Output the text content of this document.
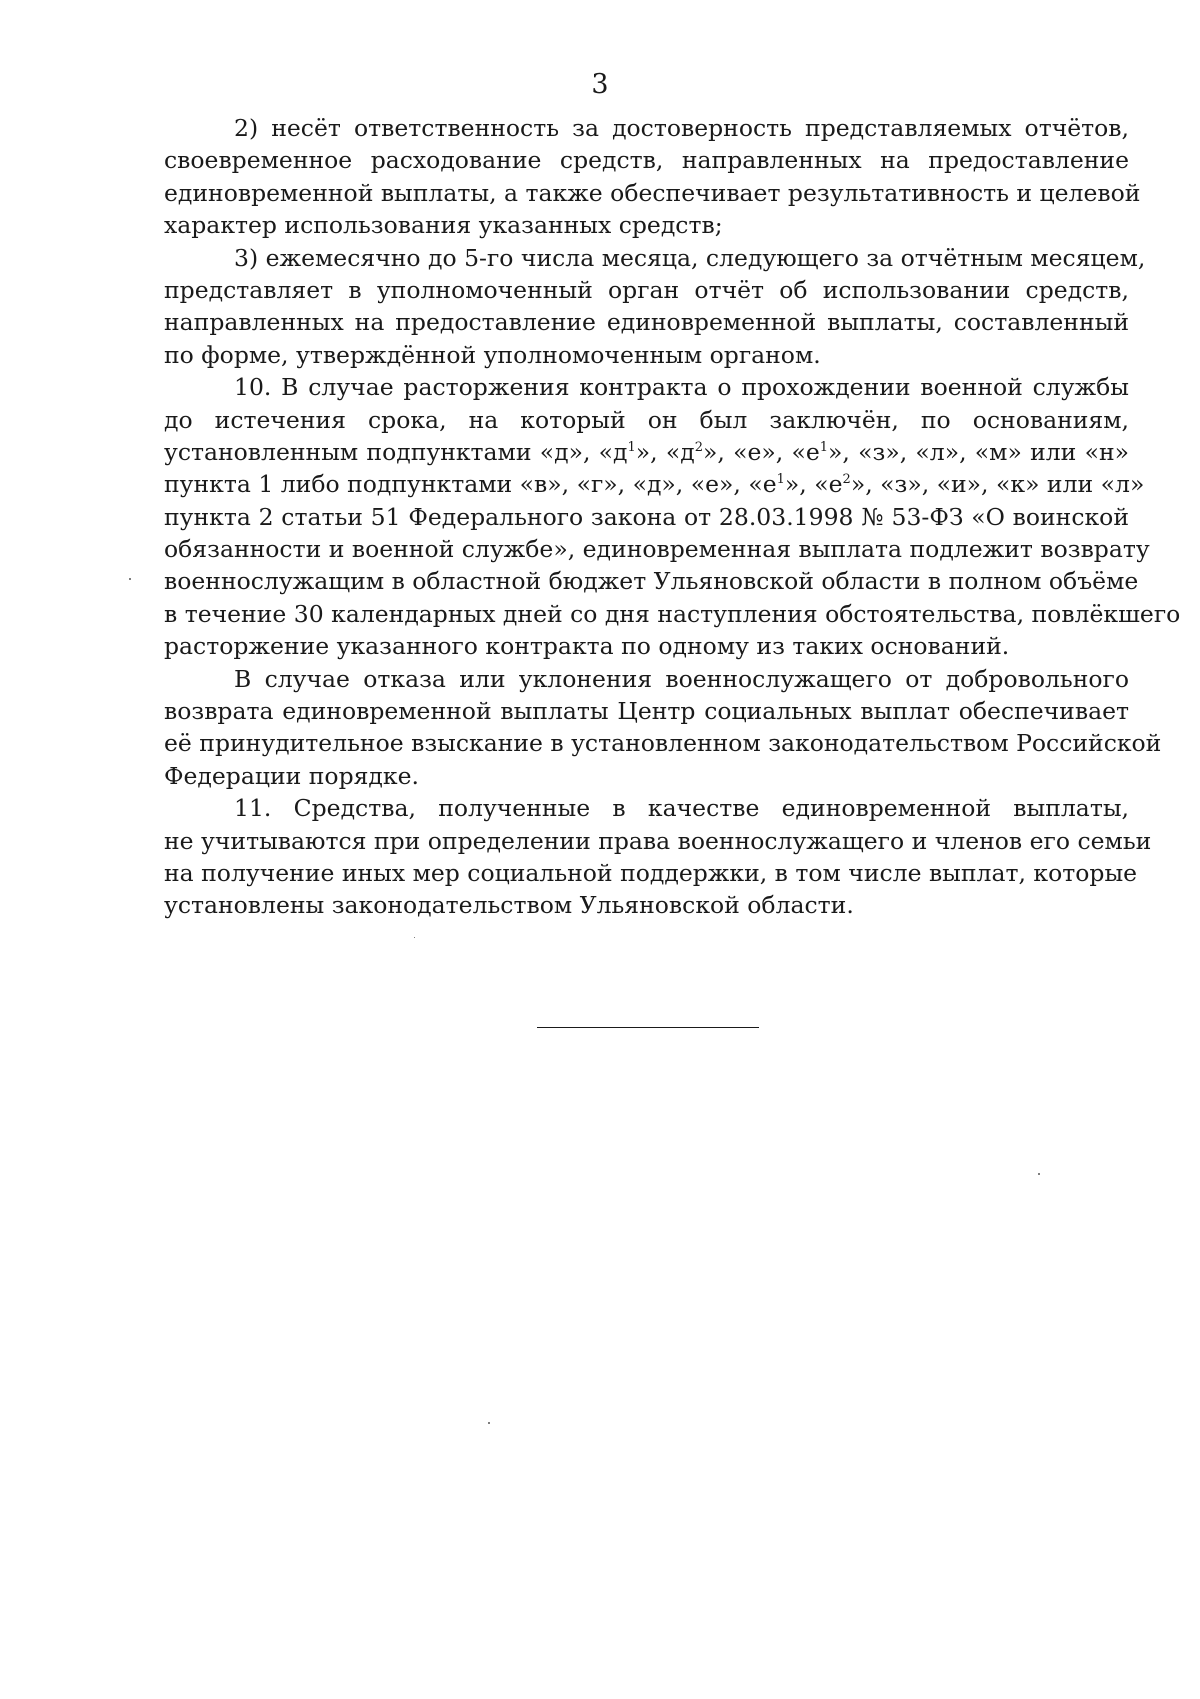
3
2) несёт ответственность за достоверность представляемых отчётов,
своевременное расходование средств, направленных на предоставление
единовременной выплаты, а также обеспечивает результативность и целевой
характер использования указанных средств;
3) ежемесячно до 5-го числа месяца, следующего за отчётным месяцем,
представляет в уполномоченный орган отчёт об использовании средств,
направленных на предоставление единовременной выплаты, составленный
по форме, утверждённой уполномоченным органом.
10. В случае расторжения контракта о прохождении военной службы
до истечения срока, на который он был заключён, по основаниям,
установленным подпунктами «д», «$д^1$», «$д^2$», «е», «$е^1$», «з», «л», «м» или «н»
пункта 1 либо подпунктами «в», «г», «д», «е», «$е^1$», «$е^2$», «з», «и», «к» или «л»
пункта 2 статьи 51 Федерального закона от 28.03.1998 № 53-ФЗ «О воинской
обязанности и военной службе», единовременная выплата подлежит возврату
военнослужащим в областной бюджет Ульяновской области в полном объёме
в течение 30 календарных дней со дня наступления обстоятельства, повлёкшего
расторжение указанного контракта по одному из таких оснований.
В случае отказа или уклонения военнослужащего от добровольного
возврата единовременной выплаты Центр социальных выплат обеспечивает
её принудительное взыскание в установленном законодательством Российской
Федерации порядке.
11. Средства, полученные в качестве единовременной выплаты,
не учитываются при определении права военнослужащего и членов его семьи
на получение иных мер социальной поддержки, в том числе выплат, которые
установлены законодательством Ульяновской области.
